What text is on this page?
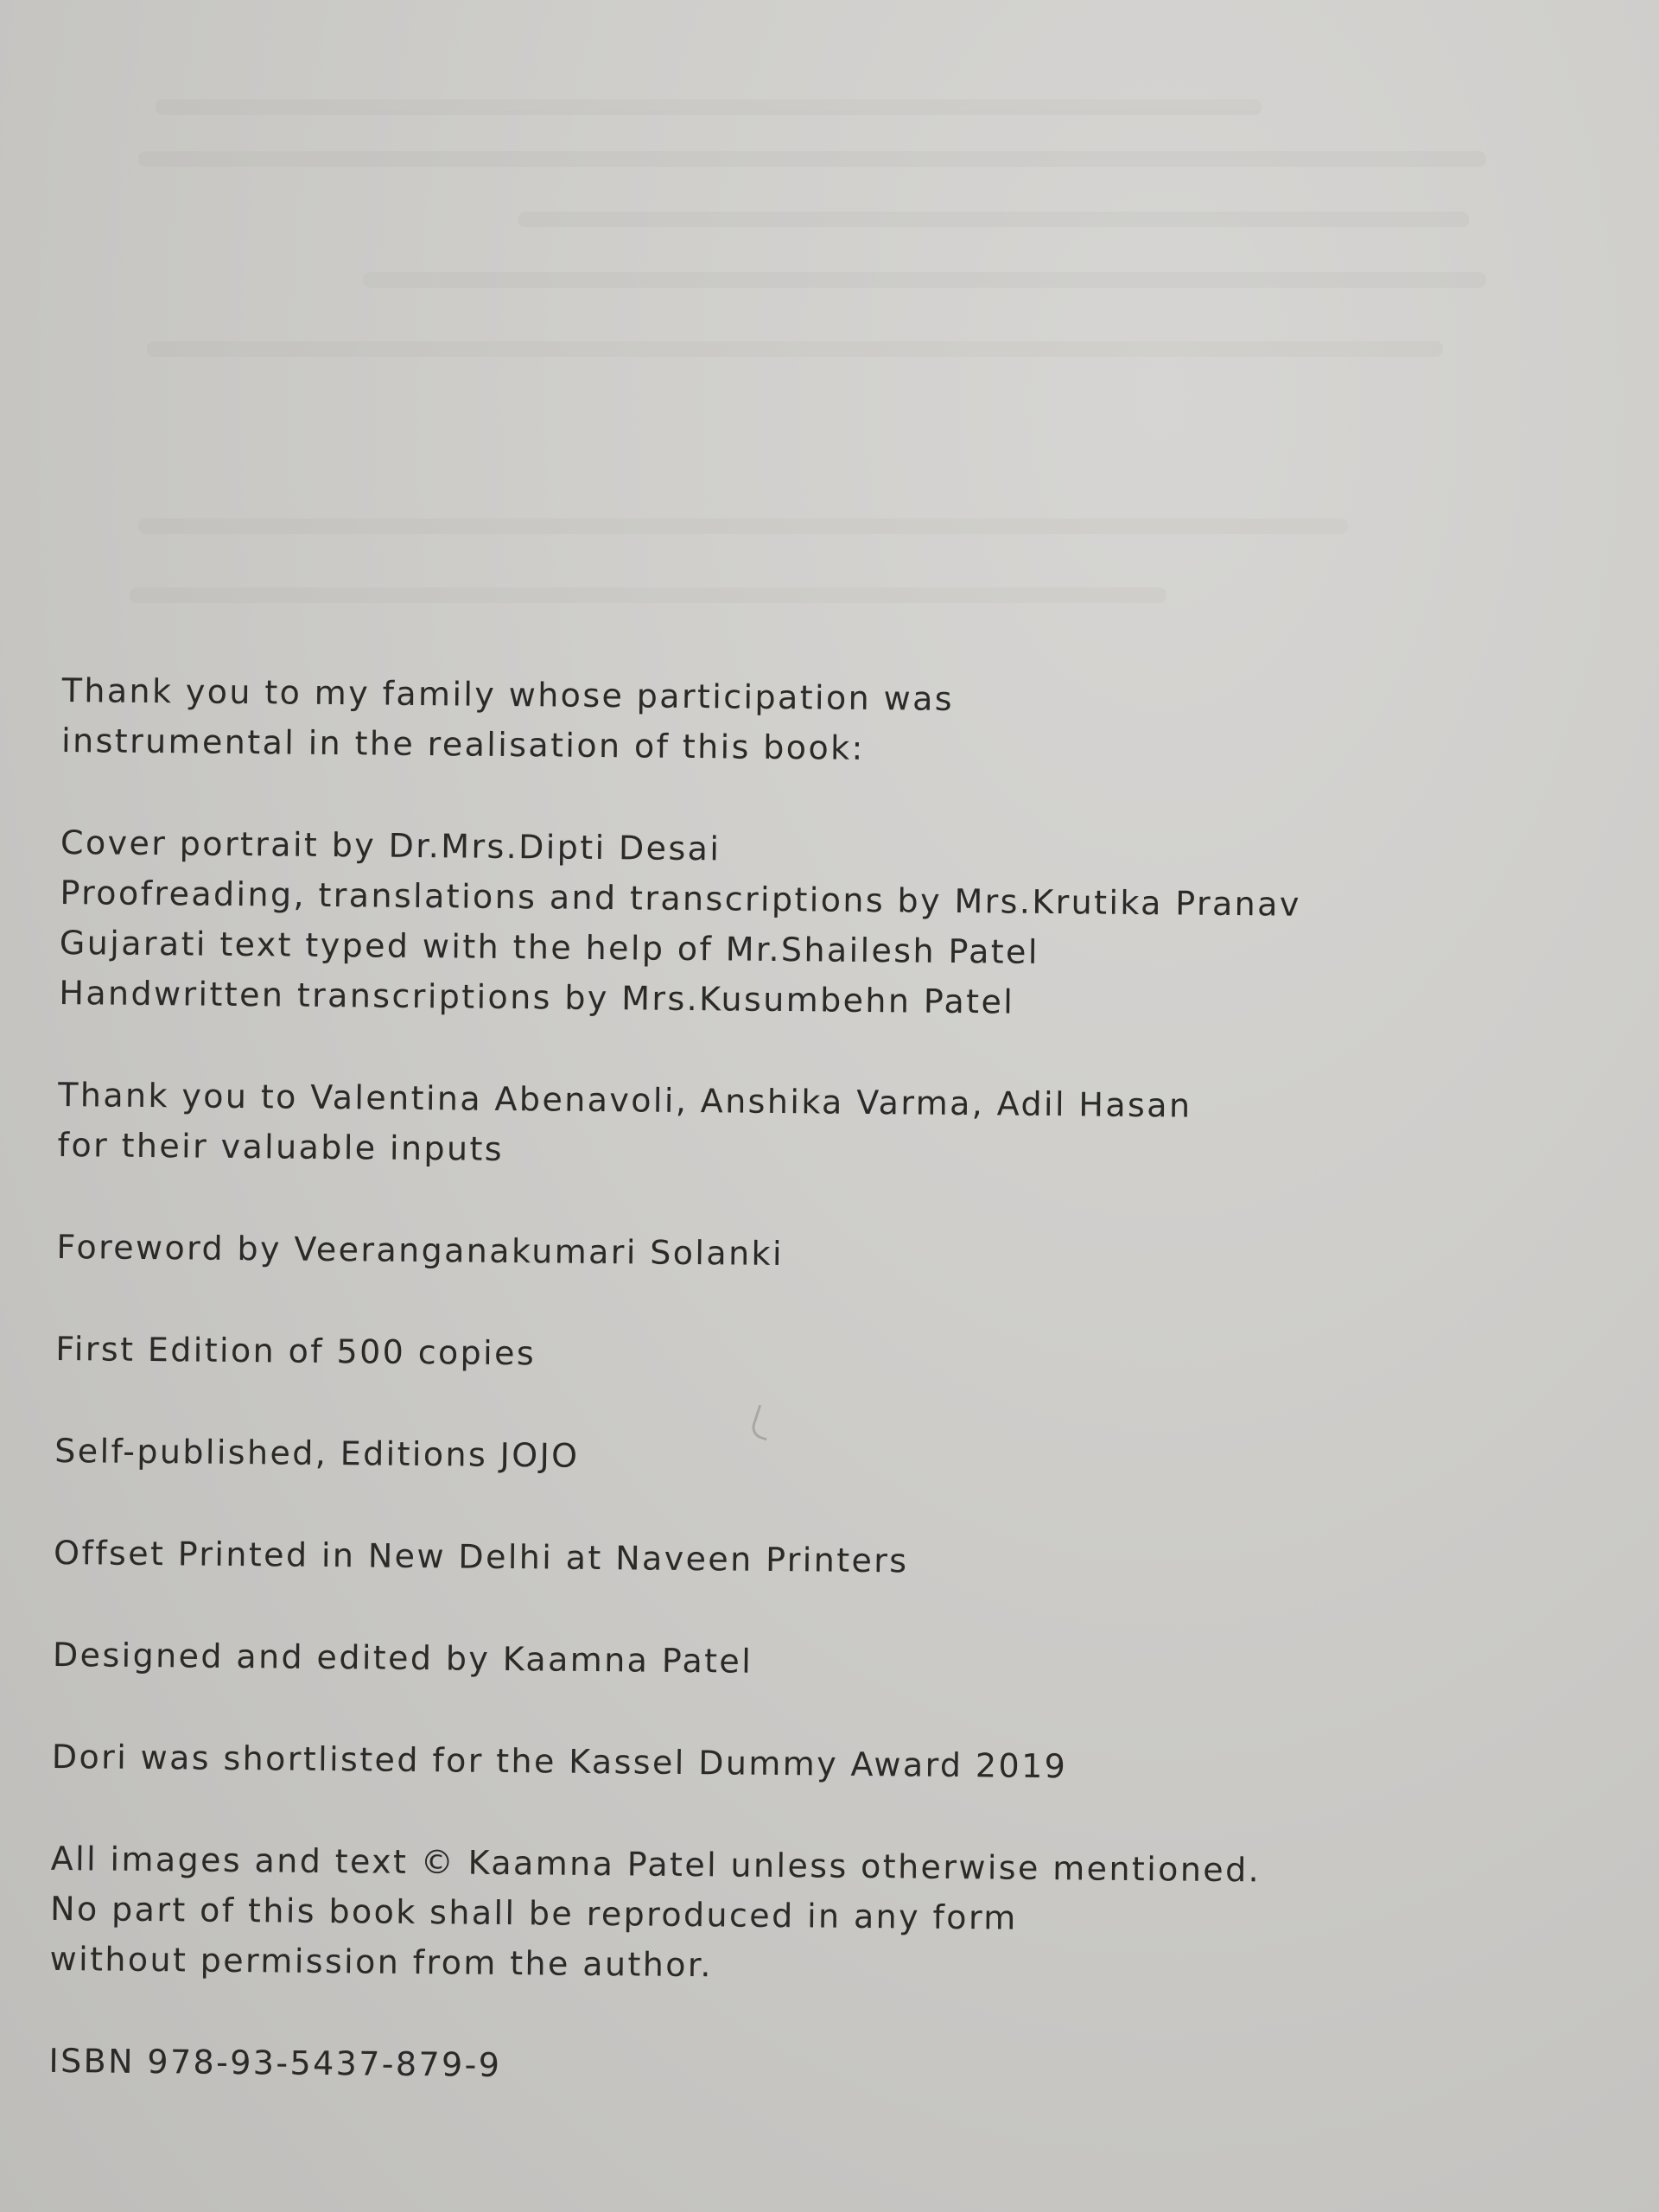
Thank you to my family whose participation was

instrumental in the realisation of this book:

Cover portrait by Dr.Mrs.Dipti Desai

Proofreading, translations and transcriptions by Mrs.Krutika Pranav

Gujarati text typed with the help of Mr.Shailesh Patel

Handwritten transcriptions by Mrs.Kusumbehn Patel

Thank you to Valentina Abenavoli, Anshika Varma, Adil Hasan

for their valuable inputs

Foreword by Veeranganakumari Solanki

First Edition of 500 copies

Self-published, Editions JOJO

Offset Printed in New Delhi at Naveen Printers

Designed and edited by Kaamna Patel

Dori was shortlisted for the Kassel Dummy Award 2019

All images and text © Kaamna Patel unless otherwise mentioned.

No part of this book shall be reproduced in any form

without permission from the author.

ISBN 978-93-5437-879-9
